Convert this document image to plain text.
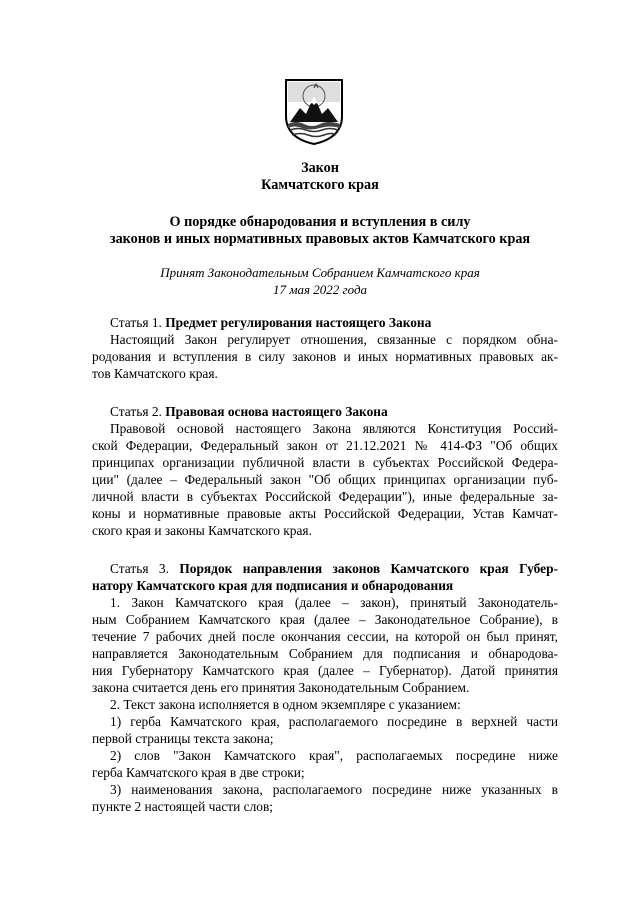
Закон
Камчатского края
О порядке обнародования и вступления в силу
законов и иных нормативных правовых актов Камчатского края
Принят Законодательным Собранием Камчатского края
17 мая 2022 года
Статья 1. Предмет регулирования настоящего Закона
Настоящий Закон регулирует отношения, связанные с порядком обна-
родования и вступления в силу законов и иных нормативных правовых ак-
тов Камчатского края.
Статья 2. Правовая основа настоящего Закона
Правовой основой настоящего Закона являются Конституция Россий-
ской Федерации, Федеральный закон от 21.12.2021 № 414-ФЗ "Об общих
принципах организации публичной власти в субъектах Российской Федера-
ции" (далее – Федеральный закон "Об общих принципах организации пуб-
личной власти в субъектах Российской Федерации"), иные федеральные за-
коны и нормативные правовые акты Российской Федерации, Устав Камчат-
ского края и законы Камчатского края.
Статья 3. Порядок направления законов Камчатского края Губер-
натору Камчатского края для подписания и обнародования
1. Закон Камчатского края (далее – закон), принятый Законодатель-
ным Собранием Камчатского края (далее – Законодательное Собрание), в
течение 7 рабочих дней после окончания сессии, на которой он был принят,
направляется Законодательным Собранием для подписания и обнародова-
ния Губернатору Камчатского края (далее – Губернатор). Датой принятия
закона считается день его принятия Законодательным Собранием.
2. Текст закона исполняется в одном экземпляре с указанием:
1) герба Камчатского края, располагаемого посредине в верхней части
первой страницы текста закона;
2) слов "Закон Камчатского края", располагаемых посредине ниже
герба Камчатского края в две строки;
3) наименования закона, располагаемого посредине ниже указанных в
пункте 2 настоящей части слов;
